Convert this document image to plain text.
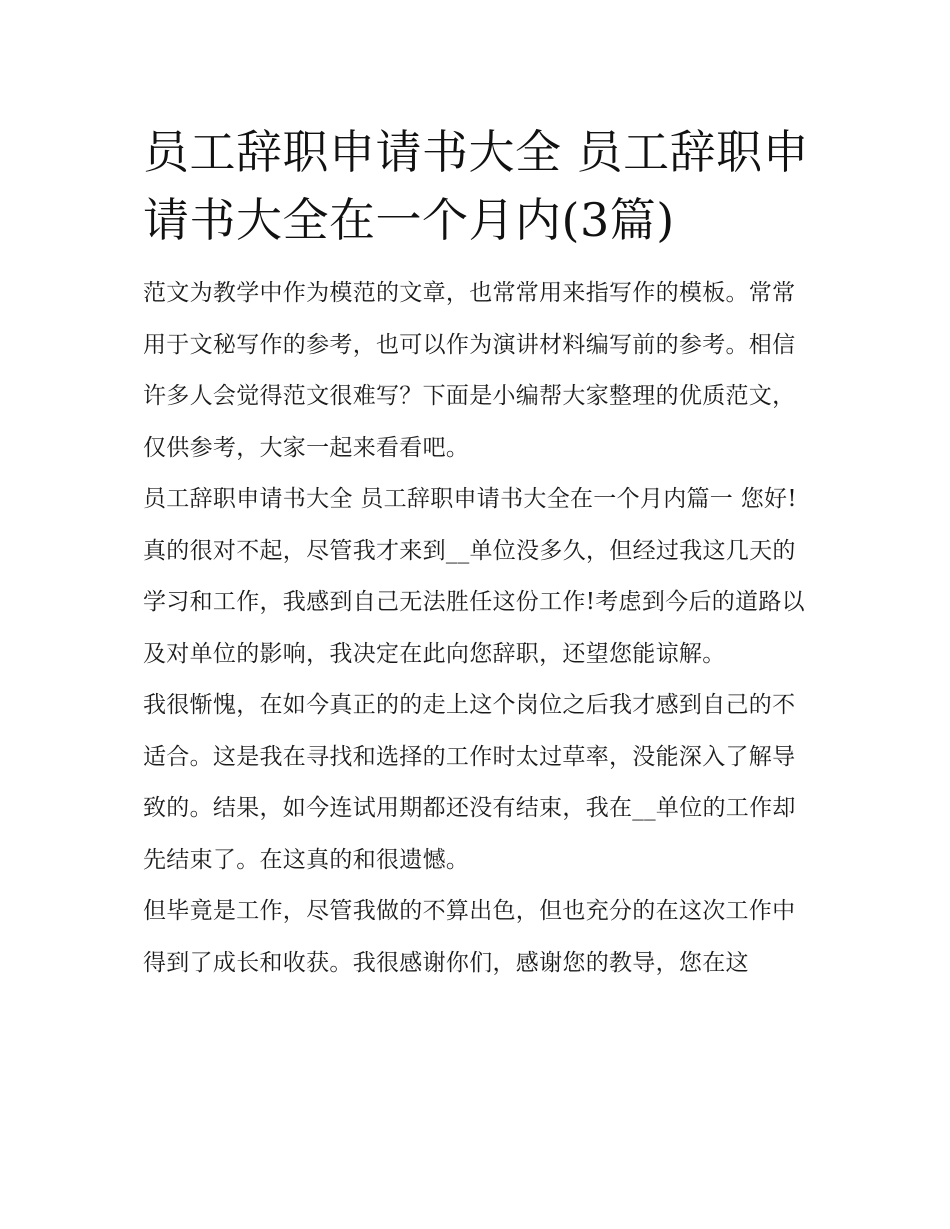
员工辞职申请书大全 员工辞职申请书大全在一个月内(3篇)

范文为教学中作为模范的文章，也常常用来指写作的模板。常常用于文秘写作的参考，也可以作为演讲材料编写前的参考。相信许多人会觉得范文很难写？下面是小编帮大家整理的优质范文，仅供参考，大家一起来看看吧。

员工辞职申请书大全 员工辞职申请书大全在一个月内篇一 您好!

真的很对不起，尽管我才来到__单位没多久，但经过我这几天的学习和工作，我感到自己无法胜任这份工作!考虑到今后的道路以及对单位的影响，我决定在此向您辞职，还望您能谅解。

我很惭愧，在如今真正的的走上这个岗位之后我才感到自己的不适合。这是我在寻找和选择的工作时太过草率，没能深入了解导致的。结果，如今连试用期都还没有结束，我在__单位的工作却先结束了。在这真的和很遗憾。

但毕竟是工作，尽管我做的不算出色，但也充分的在这次工作中得到了成长和收获。我很感谢你们，感谢您的教导，您在这
